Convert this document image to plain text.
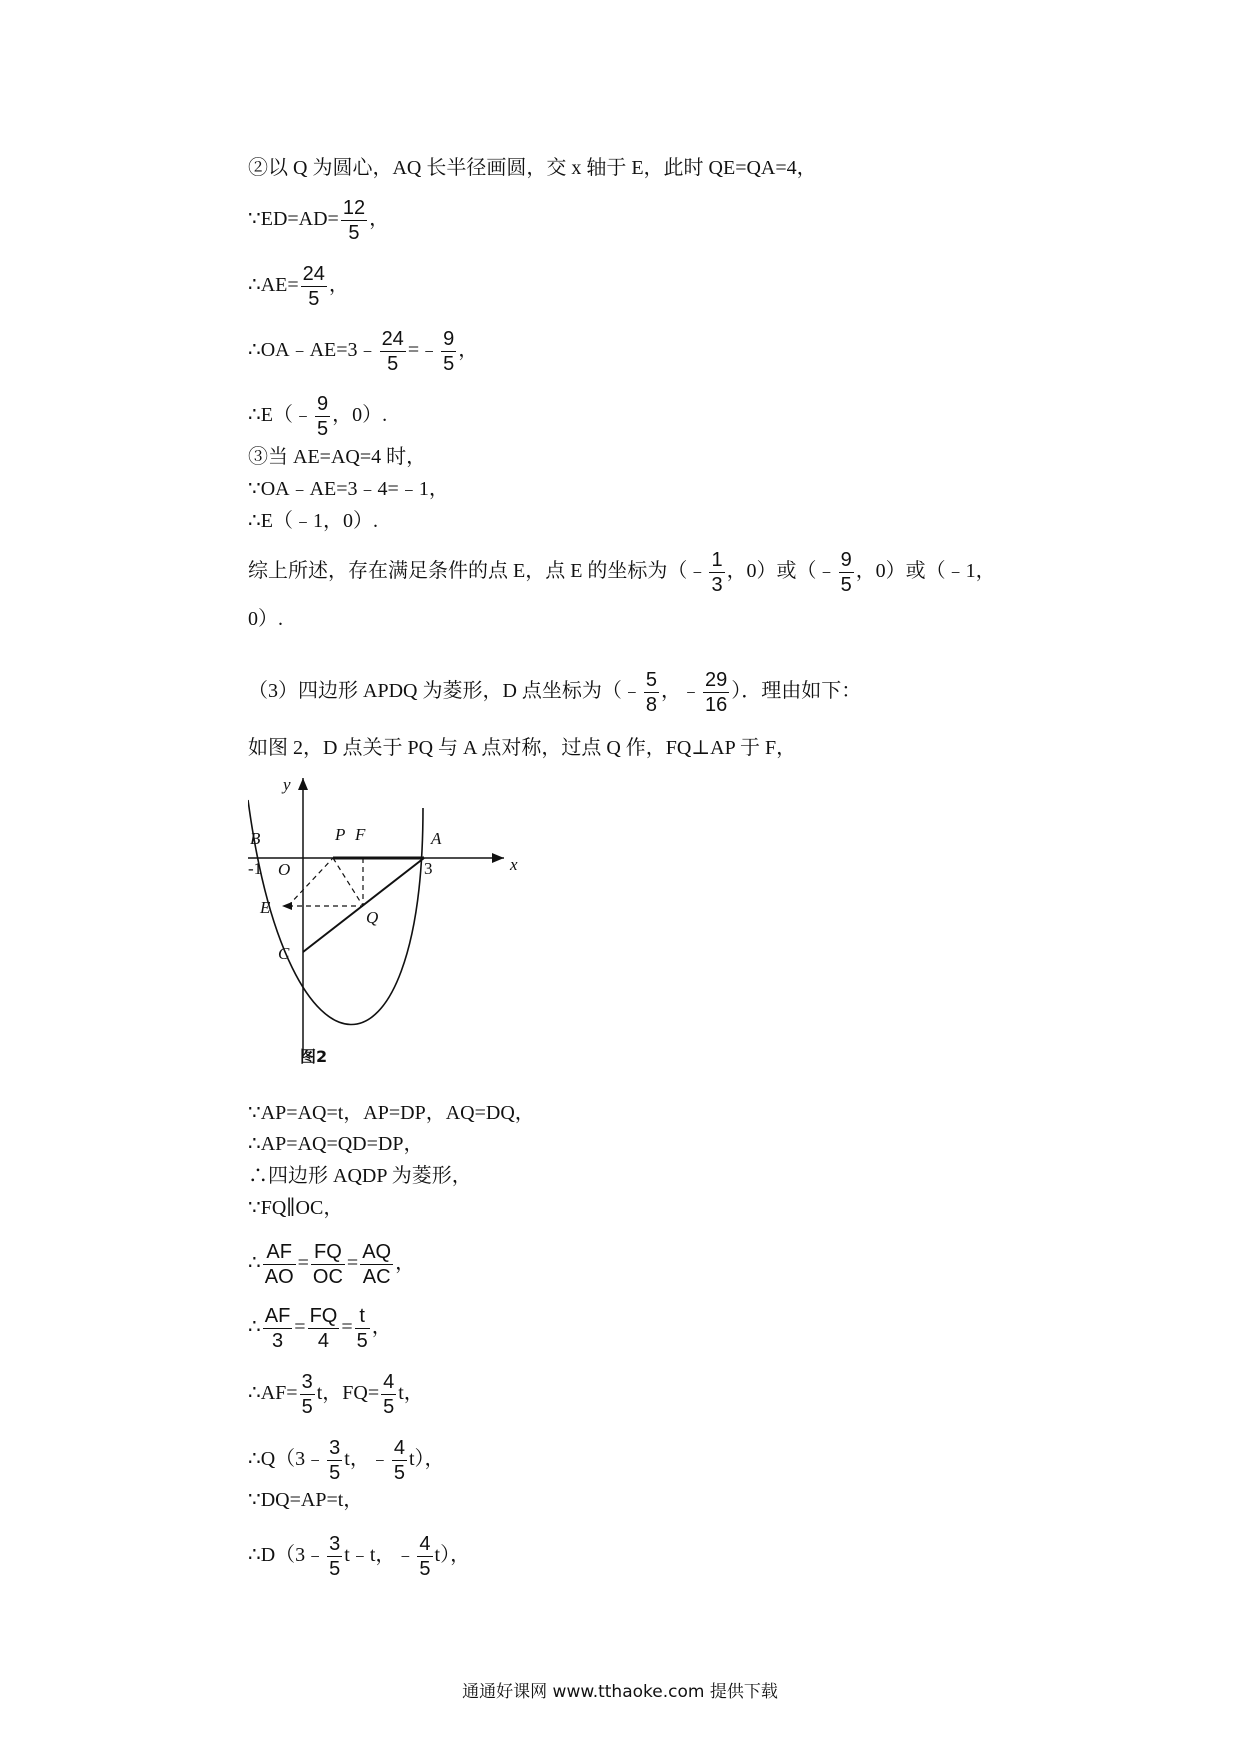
②以 Q 为圆心，AQ 长半径画圆，交 x 轴于 E，此时 QE=QA=4，
∵ED=AD= $\frac{12}{5}$ ，
∴AE= $\frac{24}{5}$ ，
∴OA﹣AE=3﹣ $\frac{24}{5}$ =﹣ $\frac{9}{5}$ ，
∴E（﹣ $\frac{9}{5}$ ，0）.
③当 AE=AQ=4 时，
∵OA﹣AE=3﹣4=﹣1，
∴E（﹣1，0）.
综上所述，存在满足条件的点 E，点 E 的坐标为（﹣ $\frac{1}{3}$ ，0）或（﹣ $\frac{9}{5}$ ，0）或（﹣1，
0）.
（3）四边形 APDQ 为菱形，D 点坐标为（﹣ $\frac{5}{8}$ ，﹣ $\frac{29}{16}$ ）．理由如下：
如图 2，D 点关于 PQ 与 A 点对称，过点 Q 作，FQ⊥AP 于 F，
y
x
B	P F	A
-1 O	3
E
Q
C
图2
∵AP=AQ=t，AP=DP，AQ=DQ，
∴AP=AQ=QD=DP，
∴四边形 AQDP 为菱形，
∵FQ∥OC，
∴ $\frac{AF}{AO} = \frac{FQ}{OC} = \frac{AQ}{AC}$ ，
∴ $\frac{AF}{3} = \frac{FQ}{4} = \frac{t}{5}$ ，
∴AF= $\frac{3}{5}$ t，$FQ= \frac{4}{5}$ t，
∴Q（3﹣ $\frac{3}{5}$ t，﹣ $\frac{4}{5} t$），
∵DQ=AP=t，
∴D（3﹣ $\frac{3}{5}$ t﹣t，﹣ $\frac{4}{5} t$），
通通好课网 www.tthaoke.com 提供下载
